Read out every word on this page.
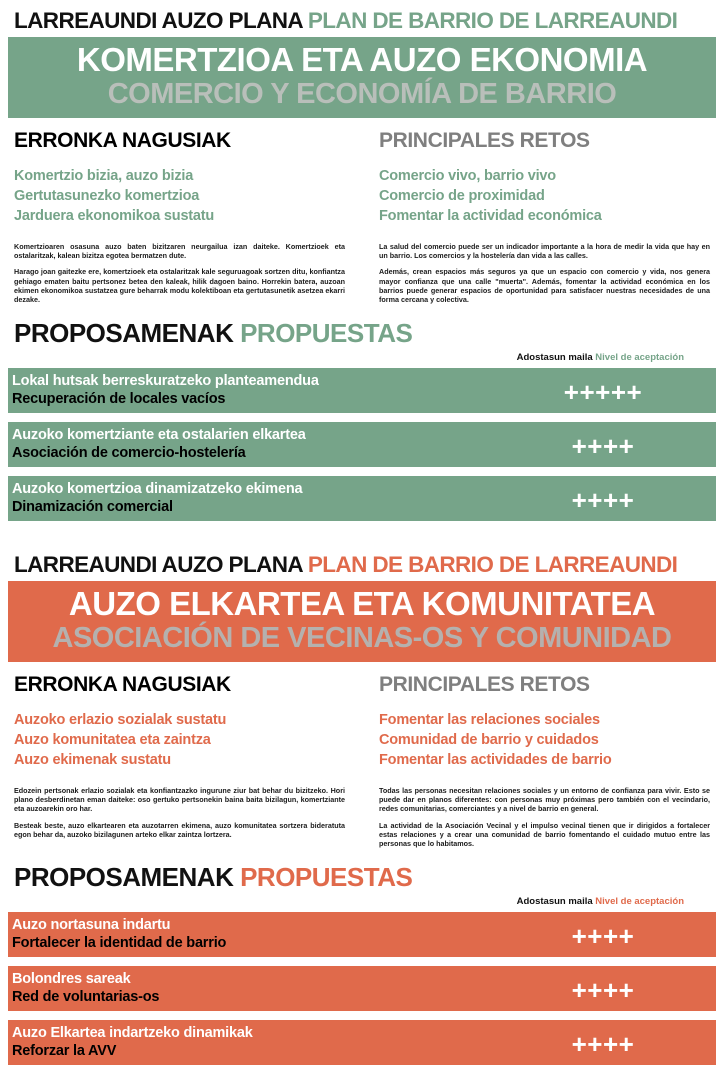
LARREAUNDI AUZO PLANA PLAN DE BARRIO DE LARREAUNDI
KOMERTZIOA ETA AUZO EKONOMIA
COMERCIO Y ECONOMÍA DE BARRIO
ERRONKA NAGUSIAK
Komertzio bizia, auzo bizia
Gertutasunezko komertzioa
Jarduera ekonomikoa sustatu

Komertzioaren osasuna auzo baten bizitzaren neurgailua izan daiteke. Komertzioek eta ostalaritzak, kalean bizitza egotea bermatzen dute.

Harago joan gaitezke ere, komertzioek eta ostalaritzak kale seguruagoak sortzen ditu, konfiantza gehiago ematen baitu pertsonez betea den kaleak, hilik dagoen baino. Horrekin batera, auzoan ekimen ekonomikoa sustatzea gure beharrak modu kolektiboan eta gertutasunetik asetzea ekarri dezake.

PRINCIPALES RETOS
Comercio vivo, barrio vivo
Comercio de proximidad
Fomentar la actividad económica

La salud del comercio puede ser un indicador importante a la hora de medir la vida que hay en un barrio. Los comercios y la hostelería dan vida a las calles.

Además, crean espacios más seguros ya que un espacio con comercio y vida, nos genera mayor confianza que una calle "muerta". Además, fomentar la actividad económica en los barrios puede generar espacios de oportunidad para satisfacer nuestras necesidades de una forma cercana y colectiva.

PROPOSAMENAK PROPUESTAS
Adostasun maila Nivel de aceptación
Lokal hutsak berreskuratzeko planteamendua
Recuperación de locales vacíos	+++++
Auzoko komertziante eta ostalarien elkartea
Asociación de comercio-hostelería	++++
Auzoko komertzioa dinamizatzeko ekimena
Dinamización comercial	++++
LARREAUNDI AUZO PLANA PLAN DE BARRIO DE LARREAUNDI
AUZO ELKARTEA ETA KOMUNITATEA
ASOCIACIÓN DE VECINAS-OS Y COMUNIDAD
ERRONKA NAGUSIAK
Auzoko erlazio sozialak sustatu
Auzo komunitatea eta zaintza
Auzo ekimenak sustatu

Edozein pertsonak erlazio sozialak eta konfiantzazko ingurune ziur bat behar du bizitzeko. Hori plano desberdinetan eman daiteke: oso gertuko pertsonekin baina baita bizilagun, komertziante eta auzoarekin oro har.

Besteak beste, auzo elkartearen eta auzotarren ekimena, auzo komunitatea sortzera bideratuta egon behar da, auzoko bizilagunen arteko elkar zaintza lortzera.

PRINCIPALES RETOS
Fomentar las relaciones sociales
Comunidad de barrio y cuidados
Fomentar las actividades de barrio

Todas las personas necesitan relaciones sociales y un entorno de confianza para vivir. Esto se puede dar en planos diferentes: con personas muy próximas pero también con el vecindario, redes comunitarias, comerciantes y a nivel de barrio en general.

La actividad de la Asociación Vecinal y el impulso vecinal tienen que ir dirigidos a fortalecer estas relaciones y a crear una comunidad de barrio fomentando el cuidado mutuo entre las personas que lo habitamos.

PROPOSAMENAK PROPUESTAS
Adostasun maila Nivel de aceptación
Auzo nortasuna indartu
Fortalecer la identidad de barrio	++++
Bolondres sareak
Red de voluntarias-os	++++
Auzo Elkartea indartzeko dinamikak
Reforzar la AVV	++++
